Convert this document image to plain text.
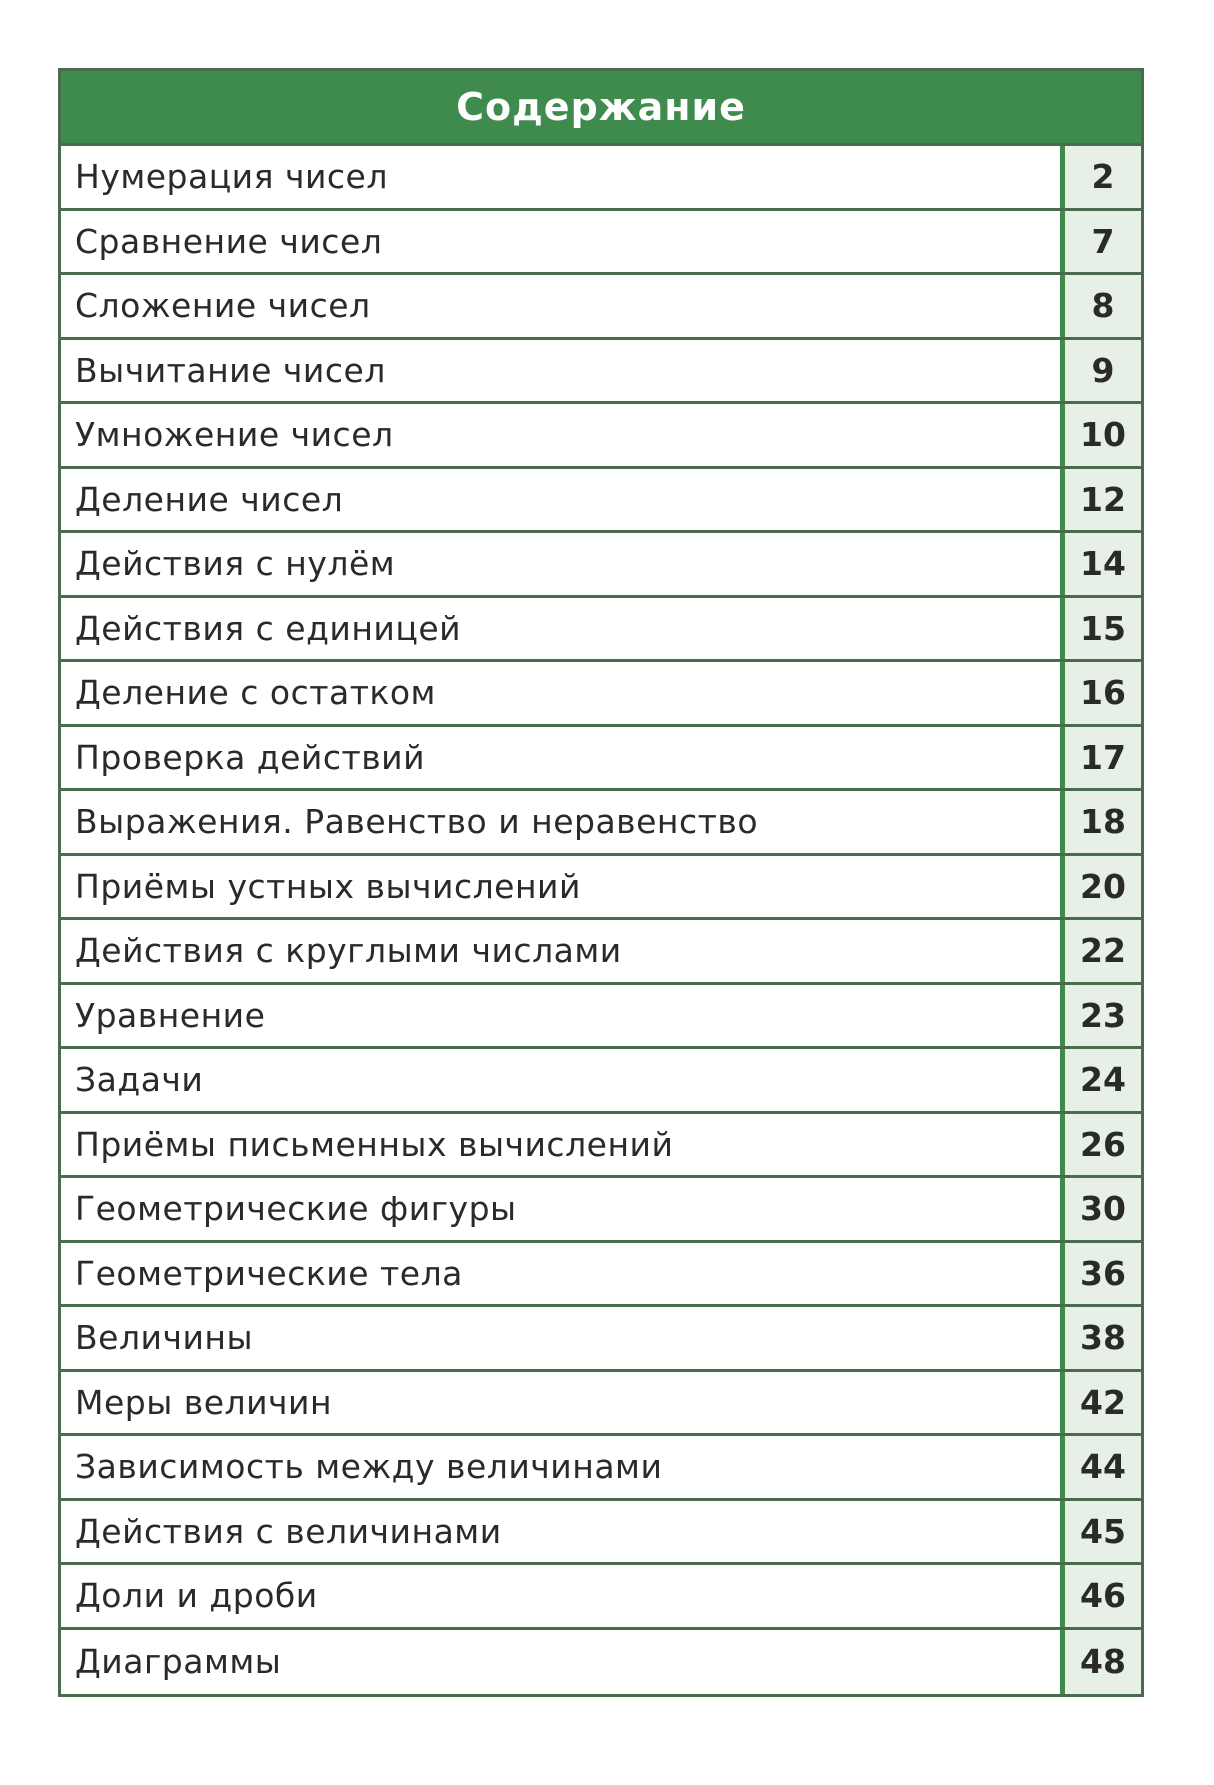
Содержание
Нумерация чисел	2
Сравнение чисел	7
Сложение чисел	8
Вычитание чисел	9
Умножение чисел	10
Деление чисел	12
Действия с нулём	14
Действия с единицей	15
Деление с остатком	16
Проверка действий	17
Выражения. Равенство и неравенство	18
Приёмы устных вычислений	20
Действия с круглыми числами	22
Уравнение	23
Задачи	24
Приёмы письменных вычислений	26
Геометрические фигуры	30
Геометрические тела	36
Величины	38
Меры величин	42
Зависимость между величинами	44
Действия с величинами	45
Доли и дроби	46
Диаграммы	48
